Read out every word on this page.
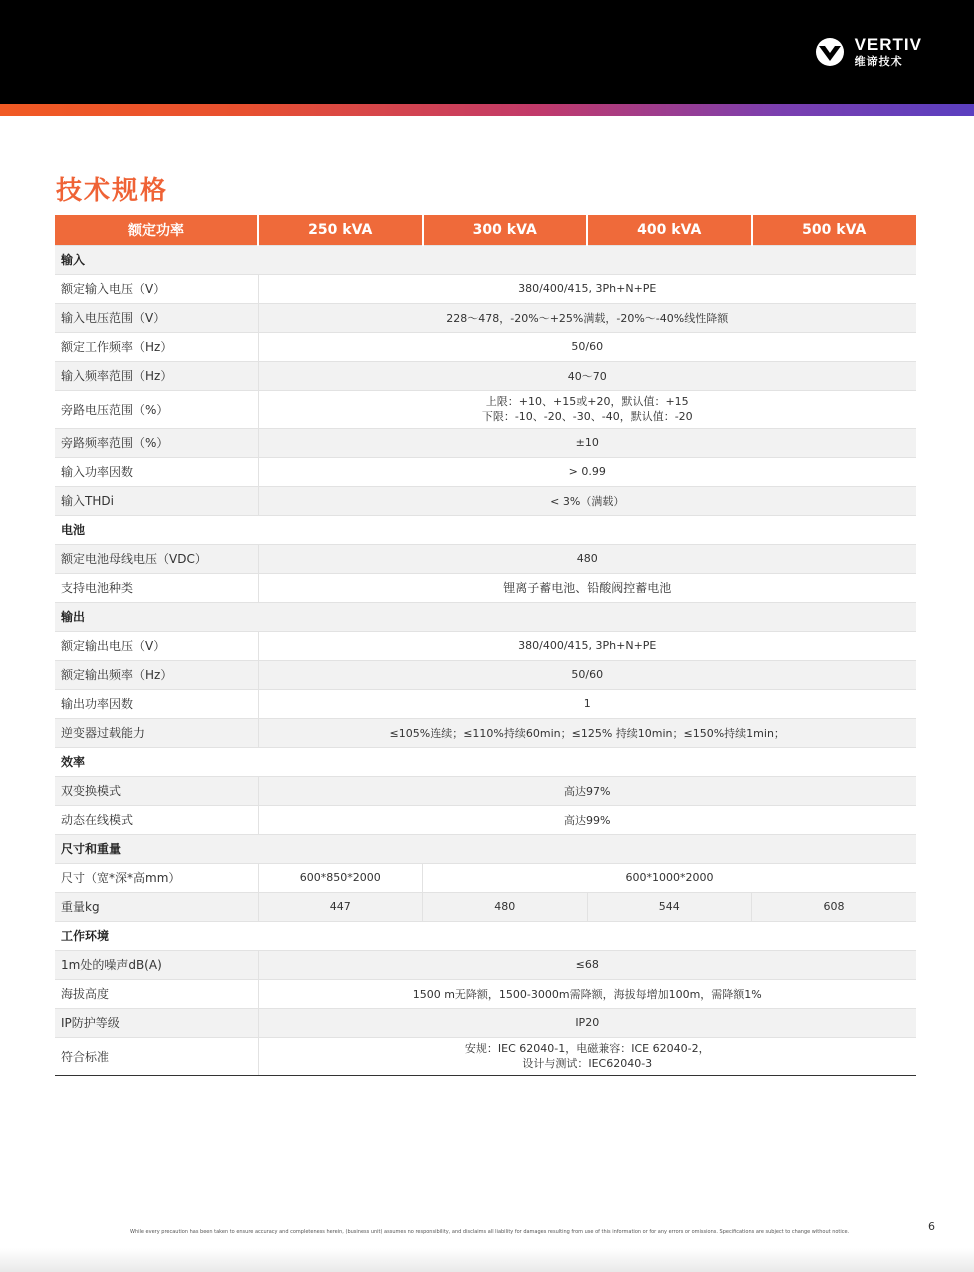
VERTIV
维谛技术
技术规格
额定功率	250 kVA	300 kVA	400 kVA	500 kVA
输入				
额定输入电压（V）	380/400/415, 3Ph+N+PE			
输入电压范围（V）	228～478，-20%～+25%满载，-20%～-40%线性降额			
额定工作频率（Hz）	50/60			
输入频率范围（Hz）	40～70			
旁路电压范围（%）	上限：+10、+15或+20，默认值：+15
下限：-10、-20、-30、-40，默认值：-20			

旁路频率范围（%）	±10			
输入功率因数	> 0.99			
输入THDi	< 3%（满载）			
电池				
额定电池母线电压（VDC）	480			
支持电池种类	锂离子蓄电池、铅酸阀控蓄电池			
输出				
额定输出电压（V）	380/400/415, 3Ph+N+PE			
额定输出频率（Hz）	50/60			
输出功率因数	1			
逆变器过载能力	≤105%连续；≤110%持续60min；≤125% 持续10min；≤150%持续1min；			
效率				
双变换模式	高达97%			
动态在线模式	高达99%			
尺寸和重量				
尺寸（宽*深*高mm）	600*850*2000	600*1000*2000		
重量kg	447	480	544	608
工作环境				
1m处的噪声dB(A)	≤68			
海拔高度	1500 m无降额，1500-3000m需降额，海拔每增加100m，需降额1%			
IP防护等级	IP20			
符合标准	安规：IEC 62040-1，电磁兼容：ICE 62040-2，
设计与测试：IEC62040-3			
While every precaution has been taken to ensure accuracy and completeness herein, (business unit) assumes no responsibility, and disclaims all liability for damages resulting from use of this information or for any errors or omissions. Specifications are subject to change without notice.	6
